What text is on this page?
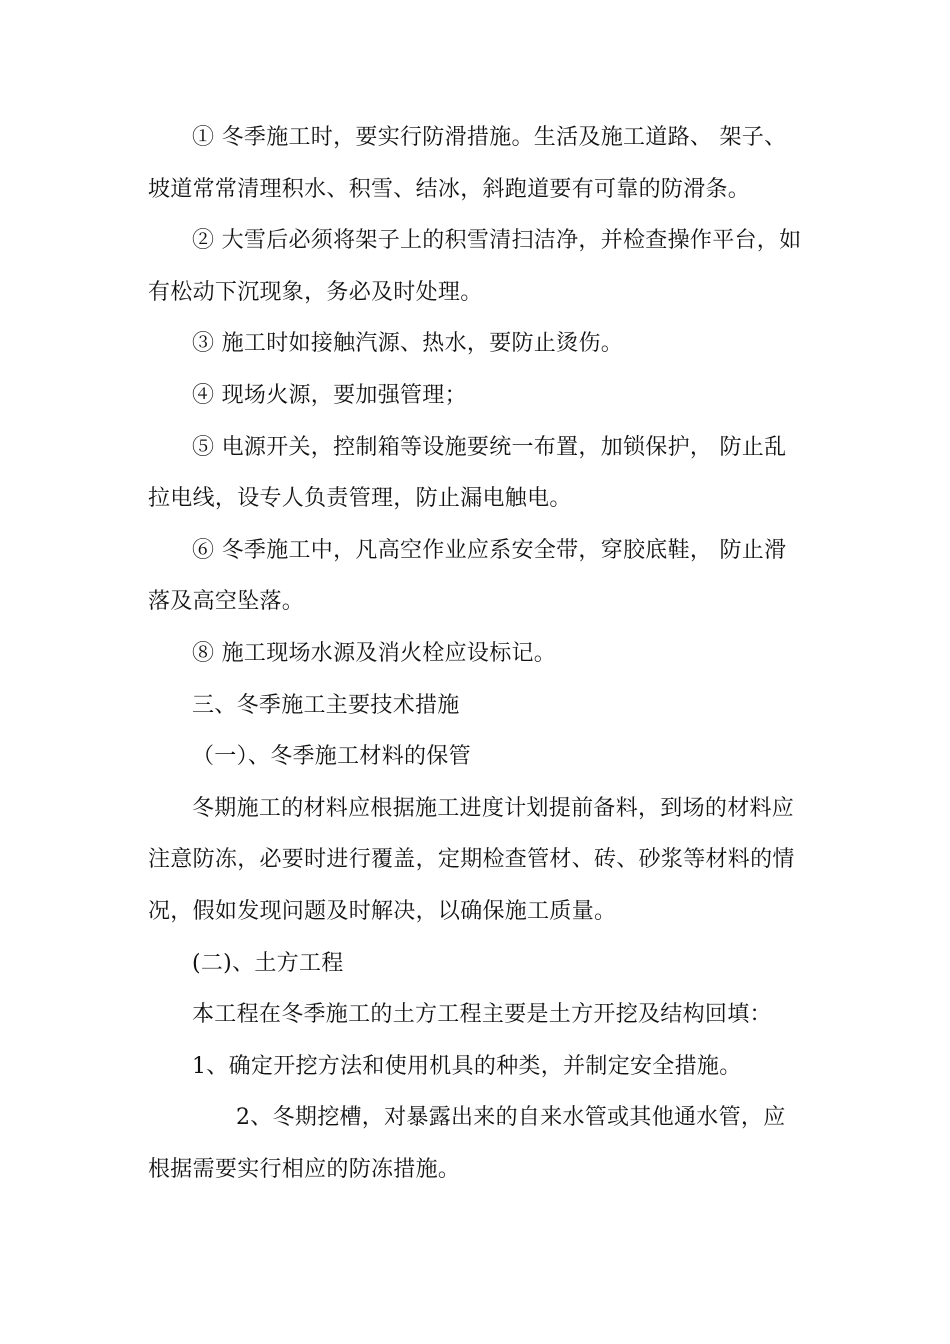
① 冬季施工时，要实行防滑措施。生活及施工道路、 架子、
坡道常常清理积水、积雪、结冰，斜跑道要有可靠的防滑条。
② 大雪后必须将架子上的积雪清扫洁净，并检查操作平台，如
有松动下沉现象，务必及时处理。
③ 施工时如接触汽源、热水，要防止烫伤。
④ 现场火源，要加强管理；
⑤ 电源开关，控制箱等设施要统一布置，加锁保护， 防止乱
拉电线，设专人负责管理，防止漏电触电。
⑥ 冬季施工中，凡高空作业应系安全带，穿胶底鞋， 防止滑
落及高空坠落。
⑧ 施工现场水源及消火栓应设标记。
三、冬季施工主要技术措施
（一）、冬季施工材料的保管
冬期施工的材料应根据施工进度计划提前备料，到场的材料应
注意防冻，必要时进行覆盖，定期检查管材、砖、砂浆等材料的情
况，假如发现问题及时解决，以确保施工质量。
(二)、土方工程
本工程在冬季施工的土方工程主要是土方开挖及结构回填：
1、确定开挖方法和使用机具的种类，并制定安全措施。
2、冬期挖槽，对暴露出来的自来水管或其他通水管，应
根据需要实行相应的防冻措施。
